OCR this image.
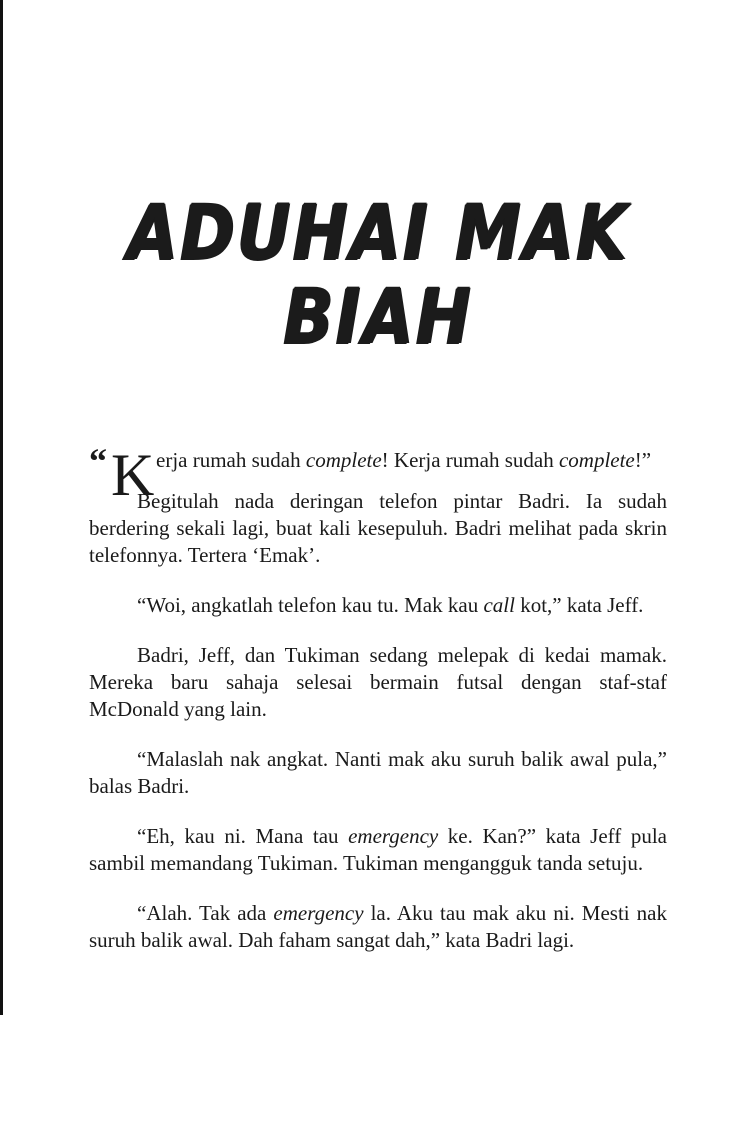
ADUHAI MAK
BIAH

“ K erja rumah sudah complete! Kerja rumah sudah complete!”

Begitulah nada deringan telefon pintar Badri. Ia sudah berdering sekali lagi, buat kali kesepuluh. Badri melihat pada skrin telefonnya. Tertera ‘Emak’.

“Woi, angkatlah telefon kau tu. Mak kau call kot,” kata Jeff.

Badri, Jeff, dan Tukiman sedang melepak di kedai mamak. Mereka baru sahaja selesai bermain futsal dengan staf-staf McDonald yang lain.

“Malaslah nak angkat. Nanti mak aku suruh balik awal pula,” balas Badri.

“Eh, kau ni. Mana tau emergency ke. Kan?” kata Jeff pula sambil memandang Tukiman. Tukiman mengangguk tanda setuju.

“Alah. Tak ada emergency la. Aku tau mak aku ni. Mesti nak suruh balik awal. Dah faham sangat dah,” kata Badri lagi.
